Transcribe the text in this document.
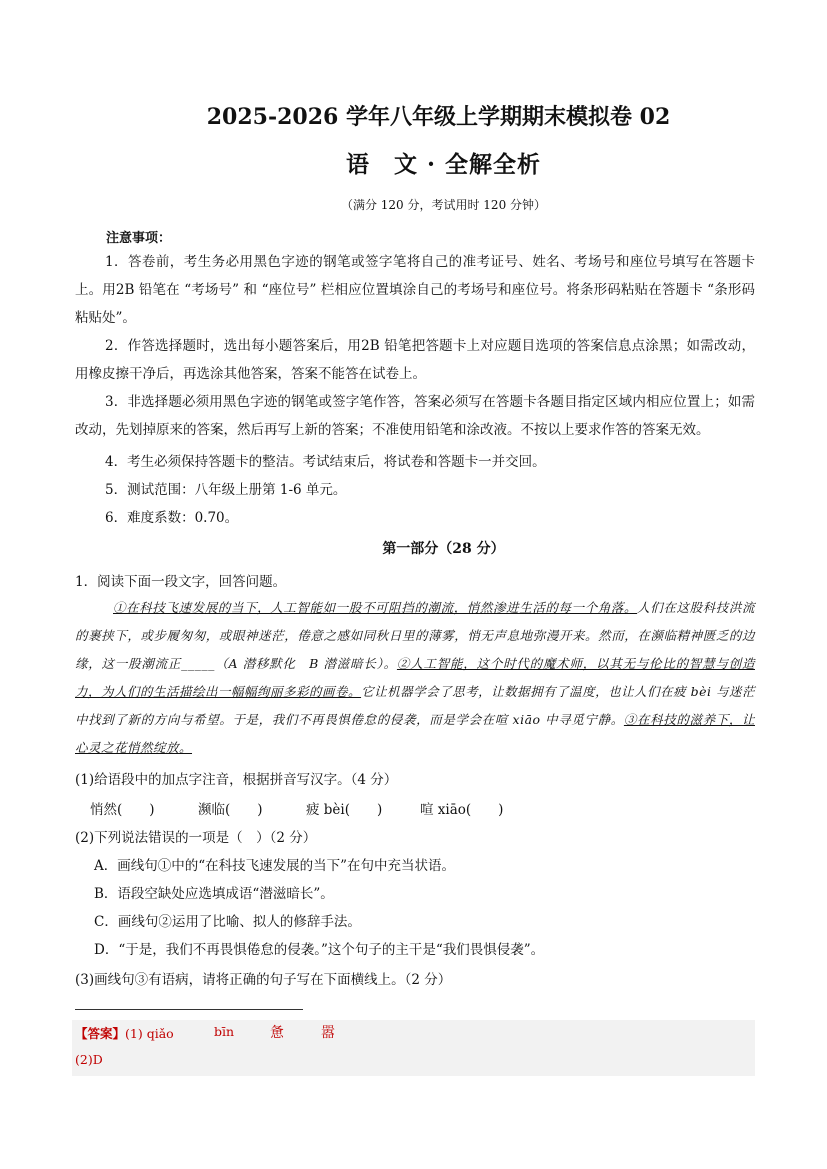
2025-2026 学年八年级上学期期末模拟卷 02
语　文 · 全解全析
（满分 120 分，考试用时 120 分钟）
注意事项：
1．答卷前，考生务必用黑色字迹的钢笔或签字笔将自己的准考证号、姓名、考场号和座位号填写在答题卡上。用2B 铅笔在 “考场号” 和 “座位号” 栏相应位置填涂自己的考场号和座位号。将条形码粘贴在答题卡 “条形码粘贴处”。
2．作答选择题时，选出每小题答案后，用2B 铅笔把答题卡上对应题目选项的答案信息点涂黑；如需改动，用橡皮擦干净后，再选涂其他答案，答案不能答在试卷上。
3．非选择题必须用黑色字迹的钢笔或签字笔作答，答案必须写在答题卡各题目指定区域内相应位置上；如需改动，先划掉原来的答案，然后再写上新的答案；不准使用铅笔和涂改液。不按以上要求作答的答案无效。
4．考生必须保持答题卡的整洁。考试结束后，将试卷和答题卡一并交回。
5．测试范围：八年级上册第 1-6 单元。
6．难度系数：0.70。
第一部分（28 分）
1．阅读下面一段文字，回答问题。
①在科技飞速发展的当下，人工智能如一股不可阻挡的潮流，悄然渗进生活的每一个角落。人们在这股科技洪流的裹挟下，或步履匆匆，或眼神迷茫，倦意之感如同秋日里的薄雾，悄无声息地弥漫开来。然而，在濒临精神匮乏的边缘，这一股潮流正_____（A 潜移默化　B 潜滋暗长）。②人工智能，这个时代的魔术师，以其无与伦比的智慧与创造力，为人们的生活描绘出一幅幅绚丽多彩的画卷。它让机器学会了思考，让数据拥有了温度，也让人们在疲 bèi 与迷茫中找到了新的方向与希望。于是，我们不再畏惧倦怠的侵袭，而是学会在喧 xiāo 中寻觅宁静。③在科技的滋养下，让心灵之花悄然绽放。
(1)给语段中的加点字注音，根据拼音写汉字。（4 分）
悄然(　　)	濒临(　　)	疲 bèi(　　)	喧 xiāo(　　)
(2)下列说法错误的一项是（　）（2 分）
A．画线句①中的“在科技飞速发展的当下”在句中充当状语。
B．语段空缺处应选填成语“潜滋暗长”。
C．画线句②运用了比喻、拟人的修辞手法。
D．“于是，我们不再畏惧倦怠的侵袭。”这个句子的主干是“我们畏惧侵袭”。
(3)画线句③有语病，请将正确的句子写在下面横线上。（2 分）
【答案】(1) qiǎo	bīn	惫	嚣
(2)D
